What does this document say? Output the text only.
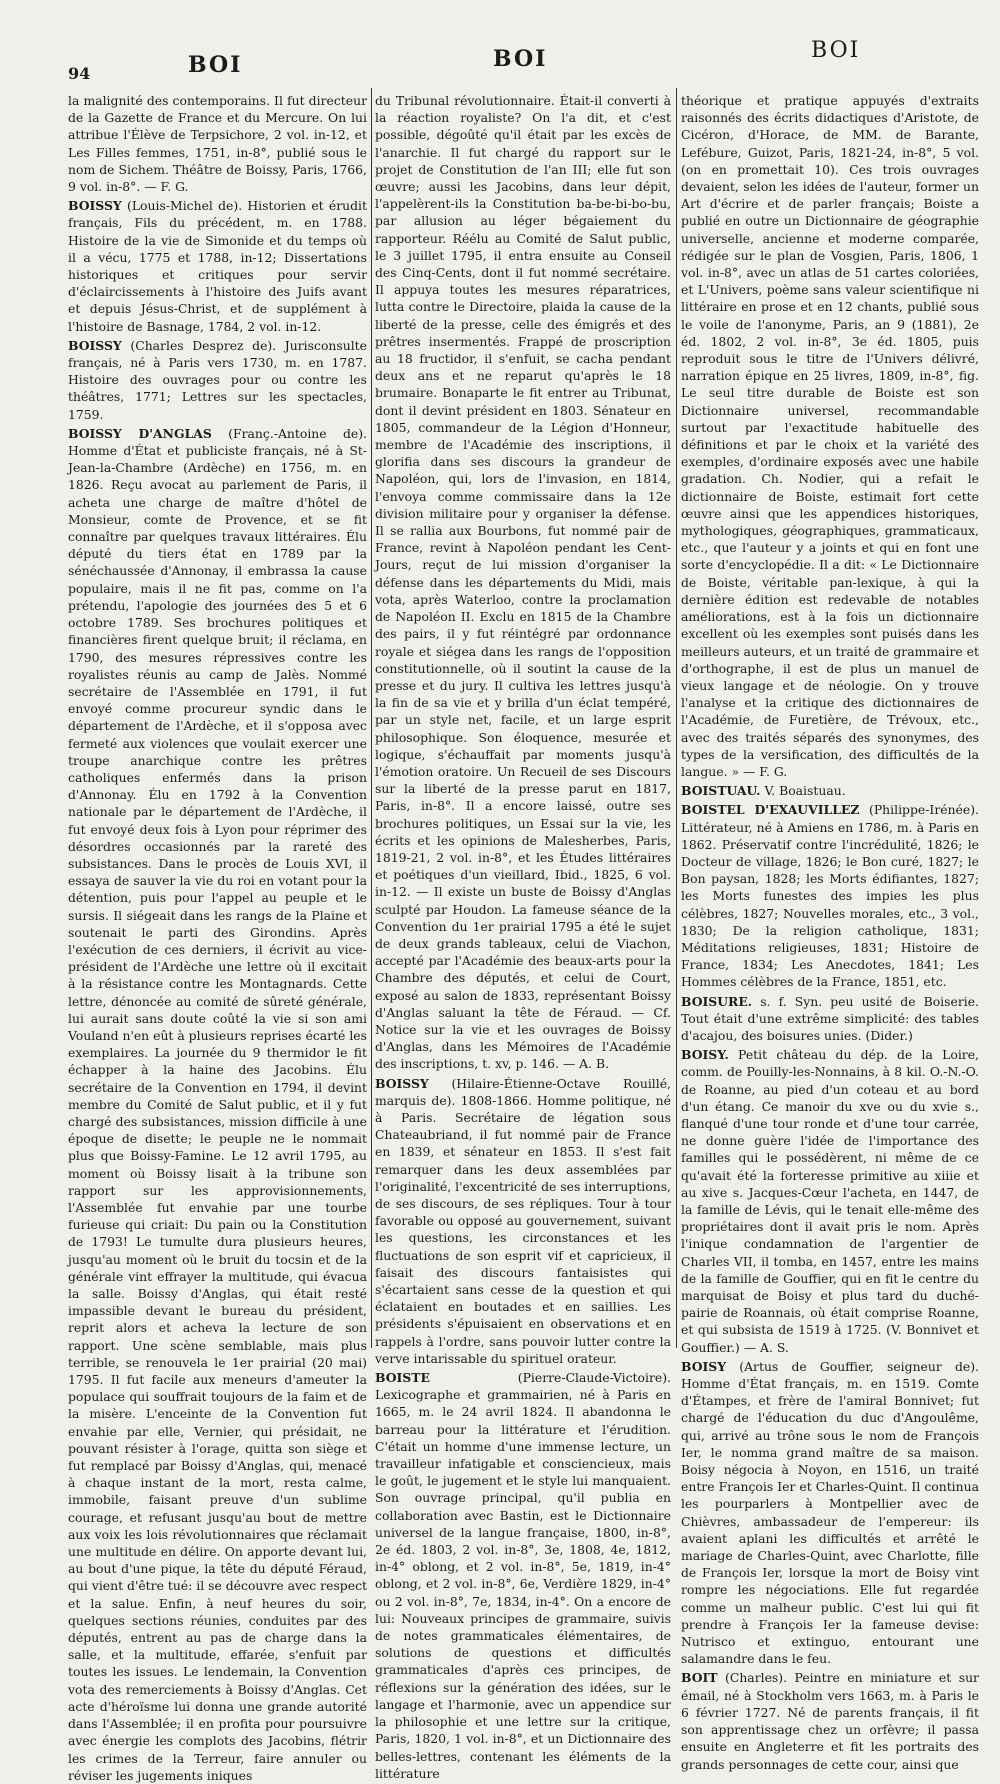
94	BOI	BOI	BOI

la malignité des contemporains. Il fut directeur de la Gazette de France et du Mercure. On lui attribue l'Élève de Terpsichore, 2 vol. in-12, et Les Filles femmes, 1751, in-8°, publié sous le nom de Sichem. Théâtre de Boissy, Paris, 1766, 9 vol. in-8°. — F. G.

BOISSY (Louis-Michel de). Historien et érudit français, Fils du précédent, m. en 1788. Histoire de la vie de Simonide et du temps où il a vécu, 1775 et 1788, in-12; Dissertations historiques et critiques pour servir d'éclaircissements à l'histoire des Juifs avant et depuis Jésus-Christ, et de supplément à l'histoire de Basnage, 1784, 2 vol. in-12.

BOISSY (Charles Desprez de). Jurisconsulte français, né à Paris vers 1730, m. en 1787. Histoire des ouvrages pour ou contre les théâtres, 1771; Lettres sur les spectacles, 1759.

BOISSY D'ANGLAS (Franç.-Antoine de). Homme d'État et publiciste français, né à St-Jean-la-Chambre (Ardèche) en 1756, m. en 1826. Reçu avocat au parlement de Paris, il acheta une charge de maître d'hôtel de Monsieur, comte de Provence, et se fit connaître par quelques travaux littéraires. Élu député du tiers état en 1789 par la sénéchaussée d'Annonay, il embrassa la cause populaire, mais il ne fit pas, comme on l'a prétendu, l'apologie des journées des 5 et 6 octobre 1789. Ses brochures politiques et financières firent quelque bruit; il réclama, en 1790, des mesures répressives contre les royalistes réunis au camp de Jalès. Nommé secrétaire de l'Assemblée en 1791, il fut envoyé comme procureur syndic dans le département de l'Ardèche, et il s'opposa avec fermeté aux violences que voulait exercer une troupe anarchique contre les prêtres catholiques enfermés dans la prison d'Annonay. Élu en 1792 à la Convention nationale par le département de l'Ardèche, il fut envoyé deux fois à Lyon pour réprimer des désordres occasionnés par la rareté des subsistances. Dans le procès de Louis XVI, il essaya de sauver la vie du roi en votant pour la détention, puis pour l'appel au peuple et le sursis. Il siégeait dans les rangs de la Plaine et soutenait le parti des Girondins. Après l'exécution de ces derniers, il écrivit au vice-président de l'Ardèche une lettre où il excitait à la résistance contre les Montagnards. Cette lettre, dénoncée au comité de sûreté générale, lui aurait sans doute coûté la vie si son ami Vouland n'en eût à plusieurs reprises écarté les exemplaires. La journée du 9 thermidor le fit échapper à la haine des Jacobins. Élu secrétaire de la Convention en 1794, il devint membre du Comité de Salut public, et il y fut chargé des subsistances, mission difficile à une époque de disette; le peuple ne le nommait plus que Boissy-Famine. Le 12 avril 1795, au moment où Boissy lisait à la tribune son rapport sur les approvisionnements, l'Assemblée fut envahie par une tourbe furieuse qui criait: Du pain ou la Constitution de 1793! Le tumulte dura plusieurs heures, jusqu'au moment où le bruit du tocsin et de la générale vint effrayer la multitude, qui évacua la salle. Boissy d'Anglas, qui était resté impassible devant le bureau du président, reprit alors et acheva la lecture de son rapport. Une scène semblable, mais plus terrible, se renouvela le 1er prairial (20 mai) 1795. Il fut facile aux meneurs d'ameuter la populace qui souffrait toujours de la faim et de la misère. L'enceinte de la Convention fut envahie par elle, Vernier, qui présidait, ne pouvant résister à l'orage, quitta son siège et fut remplacé par Boissy d'Anglas, qui, menacé à chaque instant de la mort, resta calme, immobile, faisant preuve d'un sublime courage, et refusant jusqu'au bout de mettre aux voix les lois révolutionnaires que réclamait une multitude en délire. On apporte devant lui, au bout d'une pique, la tête du député Féraud, qui vient d'être tué: il se découvre avec respect et la salue. Enfin, à neuf heures du soir, quelques sections réunies, conduites par des députés, entrent au pas de charge dans la salle, et la multitude, effarée, s'enfuit par toutes les issues. Le lendemain, la Convention vota des remerciements à Boissy d'Anglas. Cet acte d'héroïsme lui donna une grande autorité dans l'Assemblée; il en profita pour poursuivre avec énergie les complots des Jacobins, flétrir les crimes de la Terreur, faire annuler ou réviser les jugements iniques

du Tribunal révolutionnaire. Était-il converti à la réaction royaliste? On l'a dit, et c'est possible, dégoûté qu'il était par les excès de l'anarchie. Il fut chargé du rapport sur le projet de Constitution de l'an III; elle fut son œuvre; aussi les Jacobins, dans leur dépit, l'appelèrent-ils la Constitution ba-be-bi-bo-bu, par allusion au léger bégaiement du rapporteur. Réélu au Comité de Salut public, le 3 juillet 1795, il entra ensuite au Conseil des Cinq-Cents, dont il fut nommé secrétaire. Il appuya toutes les mesures réparatrices, lutta contre le Directoire, plaida la cause de la liberté de la presse, celle des émigrés et des prêtres insermentés. Frappé de proscription au 18 fructidor, il s'enfuit, se cacha pendant deux ans et ne reparut qu'après le 18 brumaire. Bonaparte le fit entrer au Tribunat, dont il devint président en 1803. Sénateur en 1805, commandeur de la Légion d'Honneur, membre de l'Académie des inscriptions, il glorifia dans ses discours la grandeur de Napoléon, qui, lors de l'invasion, en 1814, l'envoya comme commissaire dans la 12e division militaire pour y organiser la défense. Il se rallia aux Bourbons, fut nommé pair de France, revint à Napoléon pendant les Cent-Jours, reçut de lui mission d'organiser la défense dans les départements du Midi, mais vota, après Waterloo, contre la proclamation de Napoléon II. Exclu en 1815 de la Chambre des pairs, il y fut réintégré par ordonnance royale et siégea dans les rangs de l'opposition constitutionnelle, où il soutint la cause de la presse et du jury. Il cultiva les lettres jusqu'à la fin de sa vie et y brilla d'un éclat tempéré, par un style net, facile, et un large esprit philosophique. Son éloquence, mesurée et logique, s'échauffait par moments jusqu'à l'émotion oratoire. Un Recueil de ses Discours sur la liberté de la presse parut en 1817, Paris, in-8°. Il a encore laissé, outre ses brochures politiques, un Essai sur la vie, les écrits et les opinions de Malesherbes, Paris, 1819-21, 2 vol. in-8°, et les Études littéraires et poétiques d'un vieillard, Ibid., 1825, 6 vol. in-12. — Il existe un buste de Boissy d'Anglas sculpté par Houdon. La fameuse séance de la Convention du 1er prairial 1795 a été le sujet de deux grands tableaux, celui de Viachon, accepté par l'Académie des beaux-arts pour la Chambre des députés, et celui de Court, exposé au salon de 1833, représentant Boissy d'Anglas saluant la tête de Féraud. — Cf. Notice sur la vie et les ouvrages de Boissy d'Anglas, dans les Mémoires de l'Académie des inscriptions, t. xv, p. 146. — A. B.

BOISSY (Hilaire-Étienne-Octave Rouillé, marquis de). 1808-1866. Homme politique, né à Paris. Secrétaire de légation sous Chateaubriand, il fut nommé pair de France en 1839, et sénateur en 1853. Il s'est fait remarquer dans les deux assemblées par l'originalité, l'excentricité de ses interruptions, de ses discours, de ses répliques. Tour à tour favorable ou opposé au gouvernement, suivant les questions, les circonstances et les fluctuations de son esprit vif et capricieux, il faisait des discours fantaisistes qui s'écartaient sans cesse de la question et qui éclataient en boutades et en saillies. Les présidents s'épuisaient en observations et en rappels à l'ordre, sans pouvoir lutter contre la verve intarissable du spirituel orateur.

BOISTE	(Pierre-Claude-Victoire). Lexicographe et grammairien, né à Paris en 1665, m. le 24 avril 1824. Il abandonna le barreau pour la littérature et l'érudition. C'était un homme d'une immense lecture, un travailleur infatigable et consciencieux, mais le goût, le jugement et le style lui manquaient. Son ouvrage principal, qu'il publia en collaboration avec Bastin, est le Dictionnaire universel de la langue française, 1800, in-8°, 2e éd. 1803, 2 vol. in-8°, 3e, 1808, 4e, 1812, in-4° oblong, et 2 vol. in-8°, 5e, 1819, in-4° oblong, et 2 vol. in-8°, 6e, Verdière 1829, in-4° ou 2 vol. in-8°, 7e, 1834, in-4°. On a encore de lui: Nouveaux principes de grammaire, suivis de notes grammaticales élémentaires, de solutions de questions et difficultés grammaticales d'après ces principes, de réflexions sur la génération des idées, sur le langage et l'harmonie, avec un appendice sur la philosophie et une lettre sur la critique, Paris, 1820, 1 vol. in-8°, et un Dictionnaire des belles-lettres, contenant les éléments de la littérature

théorique et pratique appuyés d'extraits raisonnés des écrits didactiques d'Aristote, de Cicéron, d'Horace, de MM. de Barante, Lefébure, Guizot, Paris, 1821-24, in-8°, 5 vol. (on en promettait 10). Ces trois ouvrages devaient, selon les idées de l'auteur, former un Art d'écrire et de parler français; Boiste a publié en outre un Dictionnaire de géographie universelle, ancienne et moderne comparée, rédigée sur le plan de Vosgien, Paris, 1806, 1 vol. in-8°, avec un atlas de 51 cartes coloriées, et L'Univers, poème sans valeur scientifique ni littéraire en prose et en 12 chants, publié sous le voile de l'anonyme, Paris, an 9 (1881), 2e éd. 1802, 2 vol. in-8°, 3e éd. 1805, puis reproduit sous le titre de l'Univers délivré, narration épique en 25 livres, 1809, in-8°, fig. Le seul titre durable de Boiste est son Dictionnaire universel, recommandable surtout par l'exactitude habituelle des définitions et par le choix et la variété des exemples, d'ordinaire exposés avec une habile gradation. Ch. Nodier, qui a refait le dictionnaire de Boiste, estimait fort cette œuvre ainsi que les appendices historiques, mythologiques, géographiques, grammaticaux, etc., que l'auteur y a joints et qui en font une sorte d'encyclopédie. Il a dit: « Le Dictionnaire de Boiste, véritable pan-lexique, à qui la dernière édition est redevable de notables améliorations, est à la fois un dictionnaire excellent où les exemples sont puisés dans les meilleurs auteurs, et un traité de grammaire et d'orthographe, il est de plus un manuel de vieux langage et de néologie. On y trouve l'analyse et la critique des dictionnaires de l'Académie, de Furetière, de Trévoux, etc., avec des traités séparés des synonymes, des types de la versification, des difficultés de la langue. » — F. G.

BOISTUAU. V. Boaistuau.

BOISTEL D'EXAUVILLEZ (Philippe-Irénée). Littérateur, né à Amiens en 1786, m. à Paris en 1862. Préservatif contre l'incrédulité, 1826; le Docteur de village, 1826; le Bon curé, 1827; le Bon paysan, 1828; les Morts édifiantes, 1827; les Morts funestes des impies les plus célèbres, 1827; Nouvelles morales, etc., 3 vol., 1830; De la religion catholique, 1831; Méditations religieuses, 1831; Histoire de France, 1834; Les Anecdotes, 1841; Les Hommes célèbres de la France, 1851, etc.

BOISURE. s. f. Syn. peu usité de Boiserie. Tout était d'une extrême simplicité: des tables d'acajou, des boisures unies. (Dider.)

BOISY. Petit château du dép. de la Loire, comm. de Pouilly-les-Nonnains, à 8 kil. O.-N.-O. de Roanne, au pied d'un coteau et au bord d'un étang. Ce manoir du xve ou du xvie s., flanqué d'une tour ronde et d'une tour carrée, ne donne guère l'idée de l'importance des familles qui le possédèrent, ni même de ce qu'avait été la forteresse primitive au xiiie et au xive s. Jacques-Cœur l'acheta, en 1447, de la famille de Lévis, qui le tenait elle-même des propriétaires dont il avait pris le nom. Après l'inique condamnation de l'argentier de Charles VII, il tomba, en 1457, entre les mains de la famille de Gouffier, qui en fit le centre du marquisat de Boisy et plus tard du duché-pairie de Roannais, où était comprise Roanne, et qui subsista de 1519 à 1725. (V. Bonnivet et Gouffier.) — A. S.

BOISY (Artus de Gouffier, seigneur de). Homme d'État français, m. en 1519. Comte d'Étampes, et frère de l'amiral Bonnivet; fut chargé de l'éducation du duc d'Angoulême, qui, arrivé au trône sous le nom de François Ier, le nomma grand maître de sa maison. Boisy négocia à Noyon, en 1516, un traité entre François Ier et Charles-Quint. Il continua les pourparlers à Montpellier avec de Chièvres, ambassadeur de l'empereur: ils avaient aplani les difficultés et arrêté le mariage de Charles-Quint, avec Charlotte, fille de François Ier, lorsque la mort de Boisy vint rompre les négociations. Elle fut regardée comme un malheur public. C'est lui qui fit prendre à François Ier la fameuse devise: Nutrisco et extinguo, entourant une salamandre dans le feu.

BOIT (Charles). Peintre en miniature et sur émail, né à Stockholm vers 1663, m. à Paris le 6 février 1727. Né de parents français, il fit son apprentissage chez un orfèvre; il passa ensuite en Angleterre et fit les portraits des grands personnages de cette cour, ainsi que
